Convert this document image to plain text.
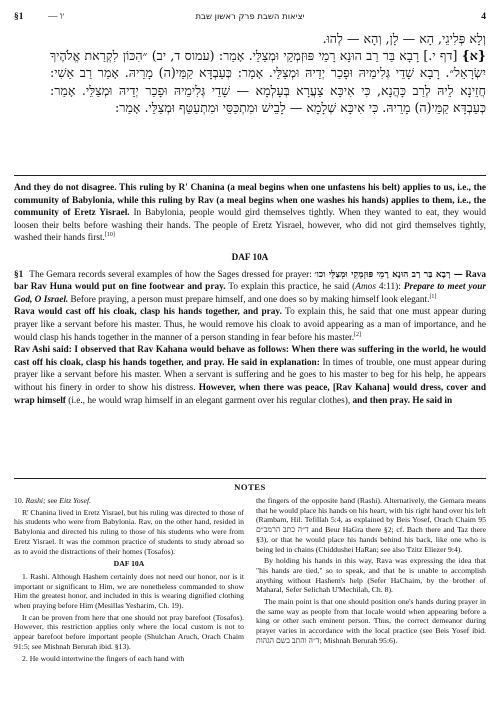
§1	— ׳ו	יציאות השבת פרק ראשון שבת	4

וְלָא פְּלִיגֵי, הָא — לָן, וְהָא — לְהוּ.

{א} [דף י.] רָבָא בַּר רַב הוּנָא רָמֵי פּוּזְמְקֵי וּמְצַלֵּי. אָמַר: (עמוס ד, יב) ״הִכּוֹן לִקְרַאת אֱלֹהֶיךָ יִשְׂרָאֵל״. רָבָא שָׁדֵי גְּלִימֵיהּ וּפָכַר יְדֵיהּ וּמְצַלֵּי. אָמַר: כְּעַבְדָּא קַמֵּי(ה) מָרֵיהּ. אָמַר רַב אַשִׁי: חֲזֵינָא לֵיהּ לְרַב כָּהֲנָא, כִּי אִיכָּא צַעֲרָא בְּעָלְמָא — שָׁדֵי גְּלִימֵיהּ וּפָכַר יְדֵיהּ וּמְצַלֵּי. אָמַר: כְּעַבְדָּא קַמֵּי(ה) מָרֵיהּ. כִּי אִיכָּא שְׁלָמָא — לָבֵישׁ וּמִתְכַּסֵּי וּמִתְעַטֵּף וּמְצַלֵּי. אָמַר:

And they do not disagree. This ruling by R' Chanina (a meal begins when one unfastens his belt) applies to us, i.e., the community of Babylonia, while this ruling by Rav (a meal begins when one washes his hands) applies to them, i.e., the community of Eretz Yisrael. In Babylonia, people would gird themselves tightly. When they wanted to eat, they would loosen their belts before washing their hands. The people of Eretz Yisrael, however, who did not gird themselves tightly, washed their hands first.[10]

DAF 10A

§1 The Gemara records several examples of how the Sages dressed for prayer: רָבָא בַּר רַב הוּנָא רָמֵי פּוּזְמְקֵי וּמְצַלֵּי וכו׳ — Rava bar Rav Huna would put on fine footwear and pray. To explain this practice, he said (Amos 4:11): Prepare to meet your God, O Israel. Before praying, a person must prepare himself, and one does so by making himself look elegant.[1]

Rava would cast off his cloak, clasp his hands together, and pray. To explain this, he said that one must appear during prayer like a servant before his master. Thus, he would remove his cloak to avoid appearing as a man of importance, and he would clasp his hands together in the manner of a person standing in fear before his master.[2]

Rav Ashi said: I observed that Rav Kahana would behave as follows: When there was suffering in the world, he would cast off his cloak, clasp his hands together, and pray. He said in explanation: In times of trouble, one must appear during prayer like a servant before his master. When a servant is suffering and he goes to his master to beg for his help, he appears without his finery in order to show his distress. However, when there was peace, [Rav Kahana] would dress, cover and wrap himself (i.e., he would wrap himself in an elegant garment over his regular clothes), and then pray. He said in

NOTES

10. Rashi; see Eitz Yosef.

R' Chanina lived in Eretz Yisrael, but his ruling was directed to those of his students who were from Babylonia. Rav, on the other hand, resided in Babylonia and directed his ruling to those of his students who were from Eretz Yisrael. It was the common practice of students to study abroad so as to avoid the distractions of their homes (Tosafos).

DAF 10A

1. Rashi. Although Hashem certainly does not need our honor, nor is it important or significant to Him, we are nonetheless commanded to show Him the greatest honor, and included in this is wearing dignified clothing when praying before Him (Mesillas Yesharim, Ch. 19).

It can be proven from here that one should not pray barefoot (Tosafos). However, this restriction applies only where the local custom is not to appear barefoot before important people (Shulchan Aruch, Orach Chaim 91:5; see Mishnah Berurah ibid. §13).

2. He would intertwine the fingers of each hand with

the fingers of the opposite hand (Rashi). Alternatively, the Gemara means that he would place his hands on his heart, with his right hand over his left (Rambam, Hil. Tefillah 5:4, as explained by Beis Yosef, Orach Chaim 95 ד״ה כתב הרמב״ם and Beur HaGra there §2; cf. Bach there and Taz there §3), or that he would place his hands behind his back, like one who is being led in chains (Chiddushei HaRan; see also Tzitz Eliezer 9:4).

By holding his hands in this way, Rava was expressing the idea that "his hands are tied," so to speak, and that he is unable to accomplish anything without Hashem's help (Sefer HaChaim, by the brother of Maharal, Sefer Selichah U'Mechilah, Ch. 8).

The main point is that one should position one's hands during prayer in the same way as people from that locale would when appearing before a king or other such eminent person. Thus, the correct demeanor during prayer varies in accordance with the local practice (see Beis Yosef ibid. ד״ה והתב בשם הגהות; Mishnah Berurah 95:6).
